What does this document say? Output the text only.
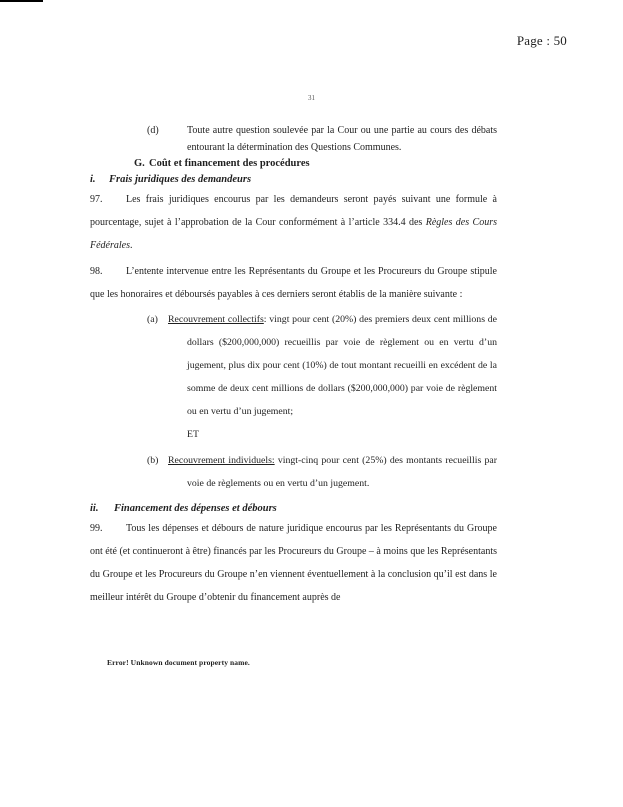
Page : 50
31
(d)	Toute autre question soulevée par la Cour ou une partie au cours des débats entourant la détermination des Questions Communes.
G. Coût et financement des procédures
i. Frais juridiques des demandeurs
97. Les frais juridiques encourus par les demandeurs seront payés suivant une formule à pourcentage, sujet à l’approbation de la Cour conformément à l’article 334.4 des Règles des Cours Fédérales.
98. L’entente intervenue entre les Représentants du Groupe et les Procureurs du Groupe stipule que les honoraires et déboursés payables à ces derniers seront établis de la manière suivante :
(a) Recouvrement collectifs: vingt pour cent (20%) des premiers deux cent millions de dollars ($200,000,000) recueillis par voie de règlement ou en vertu d’un jugement, plus dix pour cent (10%) de tout montant recueilli en excédent de la somme de deux cent millions de dollars ($200,000,000) par voie de règlement ou en vertu d’un jugement;
ET
(b) Recouvrement individuels: vingt-cinq pour cent (25%) des montants recueillis par voie de règlements ou en vertu d’un jugement.
ii. Financement des dépenses et débours
99. Tous les dépenses et débours de nature juridique encourus par les Représentants du Groupe ont été (et continueront à être) financés par les Procureurs du Groupe – à moins que les Représentants du Groupe et les Procureurs du Groupe n’en viennent éventuellement à la conclusion qu’il est dans le meilleur intérêt du Groupe d’obtenir du financement auprès de
Error! Unknown document property name.
